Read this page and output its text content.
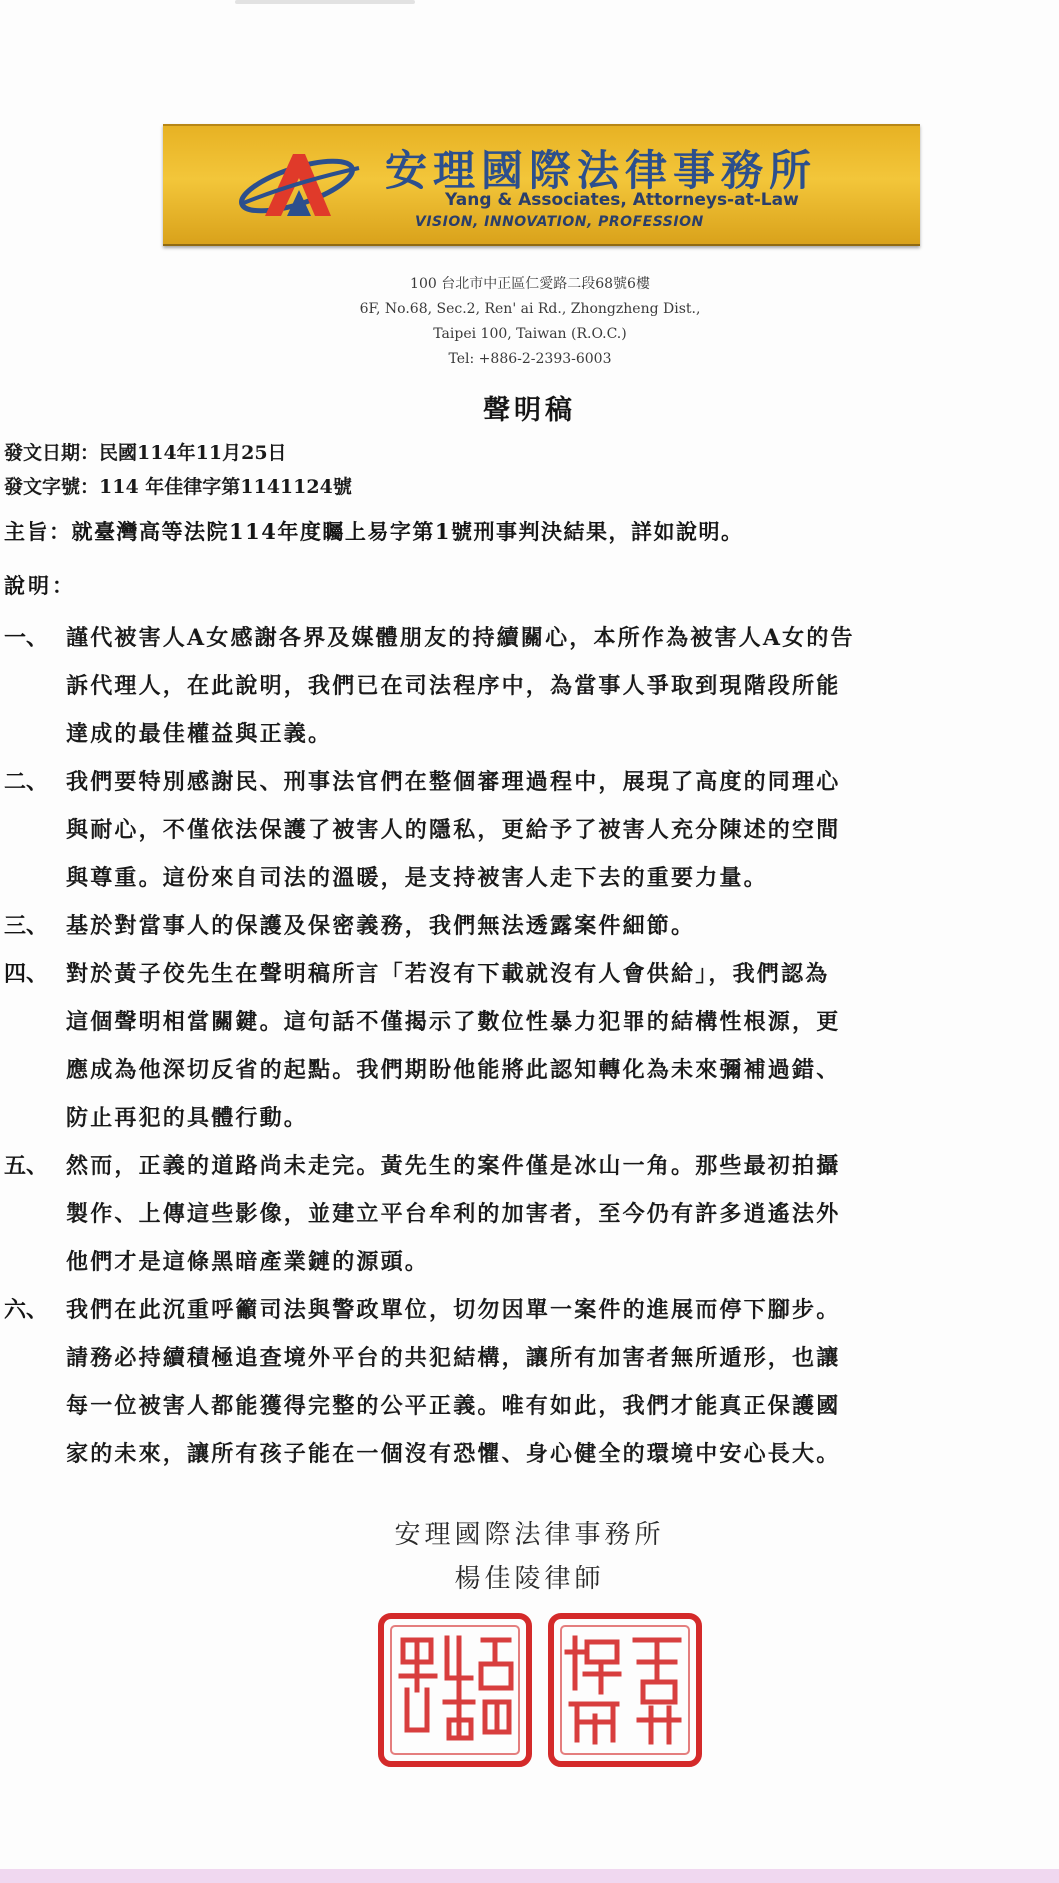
安理國際法律事務所
Yang & Associates, Attorneys-at-Law
VISION, INNOVATION, PROFESSION
100 台北市中正區仁愛路二段68號6樓
6F, No.68, Sec.2, Ren' ai Rd., Zhongzheng Dist.,
Taipei 100, Taiwan (R.O.C.)
Tel: +886-2-2393-6003
聲明稿
發文日期：民國114年11月25日
發文字號：114 年佳律字第1141124號
主旨：就臺灣高等法院114年度矚上易字第1號刑事判決結果，詳如說明。
說明：
一、 謹代被害人A女感謝各界及媒體朋友的持續關心，本所作為被害人A女的告
訴代理人，在此說明，我們已在司法程序中，為當事人爭取到現階段所能
達成的最佳權益與正義。
二、 我們要特別感謝民、刑事法官們在整個審理過程中，展現了高度的同理心
與耐心，不僅依法保護了被害人的隱私，更給予了被害人充分陳述的空間
與尊重。這份來自司法的溫暖，是支持被害人走下去的重要力量。
三、 基於對當事人的保護及保密義務，我們無法透露案件細節。
四、 對於黃子佼先生在聲明稿所言「若沒有下載就沒有人會供給」，我們認為
這個聲明相當關鍵。這句話不僅揭示了數位性暴力犯罪的結構性根源，更
應成為他深切反省的起點。我們期盼他能將此認知轉化為未來彌補過錯、
防止再犯的具體行動。
五、 然而，正義的道路尚未走完。黃先生的案件僅是冰山一角。那些最初拍攝
製作、上傳這些影像，並建立平台牟利的加害者，至今仍有許多逍遙法外
他們才是這條黑暗產業鏈的源頭。
六、 我們在此沉重呼籲司法與警政單位，切勿因單一案件的進展而停下腳步。
請務必持續積極追查境外平台的共犯結構，讓所有加害者無所遁形，也讓
每一位被害人都能獲得完整的公平正義。唯有如此，我們才能真正保護國
家的未來，讓所有孩子能在一個沒有恐懼、身心健全的環境中安心長大。
安理國際法律事務所
楊佳陵律師
